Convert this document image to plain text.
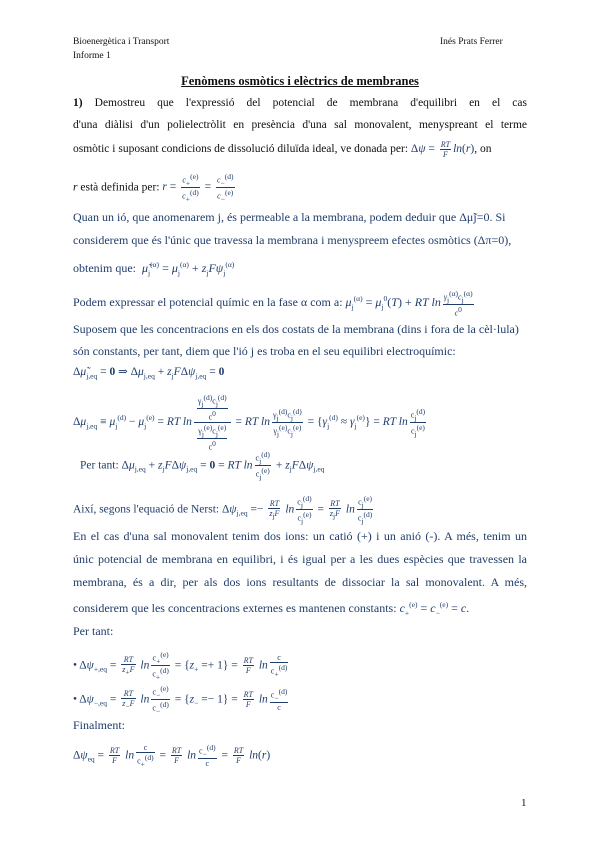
Bioenergètica i Transport
Informe 1
Inés Prats Ferrer
Fenòmens osmòtics i elèctrics de membranes
1) Demostreu que l'expressió del potencial de membrana d'equilibri en el cas
d'una diàlisi d'un polielectròlit en presència d'una sal monovalent, menyspreant el terme
osmòtic i suposant condicions de dissolució diluïda ideal, ve donada per: $\Delta\psi = \frac{RT}{F} \ln(r)$, on
r està definida per: $r = \frac{c_+^{(e)}}{c_+^{(d)}} = \frac{c_-^{(d)}}{c_-^{(e)}}$
Quan un ió, que anomenarem j, és permeable a la membrana, podem deduir que Δμ̃j=0. Si
considerem que és l'únic que travessa la membrana i menyspreem efectes osmòtics (Δπ=0),
obtenim que: $\mũ_j^{(\alpha)} = \mu_j^{(\alpha)} + z_jF\psi_j^{(\alpha)}$
Podem expressar el potencial químic en la fase α com a: $\mu_j^{(\alpha)} = \mu_j^0(T)$ + RT $\ln \frac{\gamma_j^{(\alpha)}c_j^{(\alpha)}}{c^0}$
Suposem que les concentracions en els dos costats de la membrana (dins i fora de la cèl·lula)
són constants, per tant, diem que l'ió j es troba en el seu equilibri electroquímic:
$\Delta\mũ_{j,eq} = 0$ ⇒ $\Delta\mu_{j,eq} + z_jF\Delta\psi_{j,eq} = 0$
$\Delta\mu_{j,eq} \equiv \mu_j^{(d)} - \mu_j^{(e)}$ = RT $\ln \frac{\frac{\gamma_j^{(d)}c_j^{(d)}}{c^0}}{\frac{\gamma_j^{(e)}c_j^{(e)}}{c^0}}$ = RT $\ln \frac{\gamma_j^{(d)}c_j^{(d)}}{\gamma_j^{(e)}c_j^{(e)}} = \{\gamma_j^{(d)} \approx \gamma_j^{(e)}\}$ = RT $\ln \frac{c_j^{(d)}}{c_j^{(e)}}$
Per tant: $\Delta\mu_{j,eq} + z_jF\Delta\psi_{j,eq} = 0$ = RT $\ln \frac{c_j^{(d)}}{c_j^{(e)}} + z_jF\Delta\psi_{j,eq}$
Així, segons l'equació de Nerst: $\Delta\psi_{j,eq} =- \frac{RT}{z_jF}$ $\ln \frac{c_j^{(d)}}{c_j^{(e)}} = \frac{RT}{z_jF}$ $\ln \frac{c_j^{(e)}}{c_j^{(d)}}$
En el cas d'una sal monovalent tenim dos ions: un catió (+) i un anió (-). A més, tenim un
únic potencial de membrana en equilibri, i és igual per a les dues espècies que travessen la
membrana, és a dir, per als dos ions resultants de dissociar la sal monovalent. A més,
considerem que les concentracions externes es mantenen constants: $c_+^{(e)} = c_-^{(e)} = c$.
Per tant:
• $\Delta\psi_{+,eq} = \frac{RT}{z_+F}$ $\ln \frac{c_+^{(e)}}{c_+^{(d)}} = \{z_+ =+ 1\} = \frac{RT}{F}$ $\ln \frac{c}{c_+^{(d)}}$
• $\Delta\psi_{-,eq} = \frac{RT}{z_-F}$ $\ln \frac{c_-^{(e)}}{c_-^{(d)}} = \{z_- =- 1\} = \frac{RT}{F}$ $\ln \frac{c_-^{(d)}}{c}$
Finalment:
$\Delta\psi_{eq} = \frac{RT}{F}$ $\ln \frac{c}{c_+^{(d)}} = \frac{RT}{F}$ $\ln \frac{c_-^{(d)}}{c} = \frac{RT}{F} \ln(r)$
1
